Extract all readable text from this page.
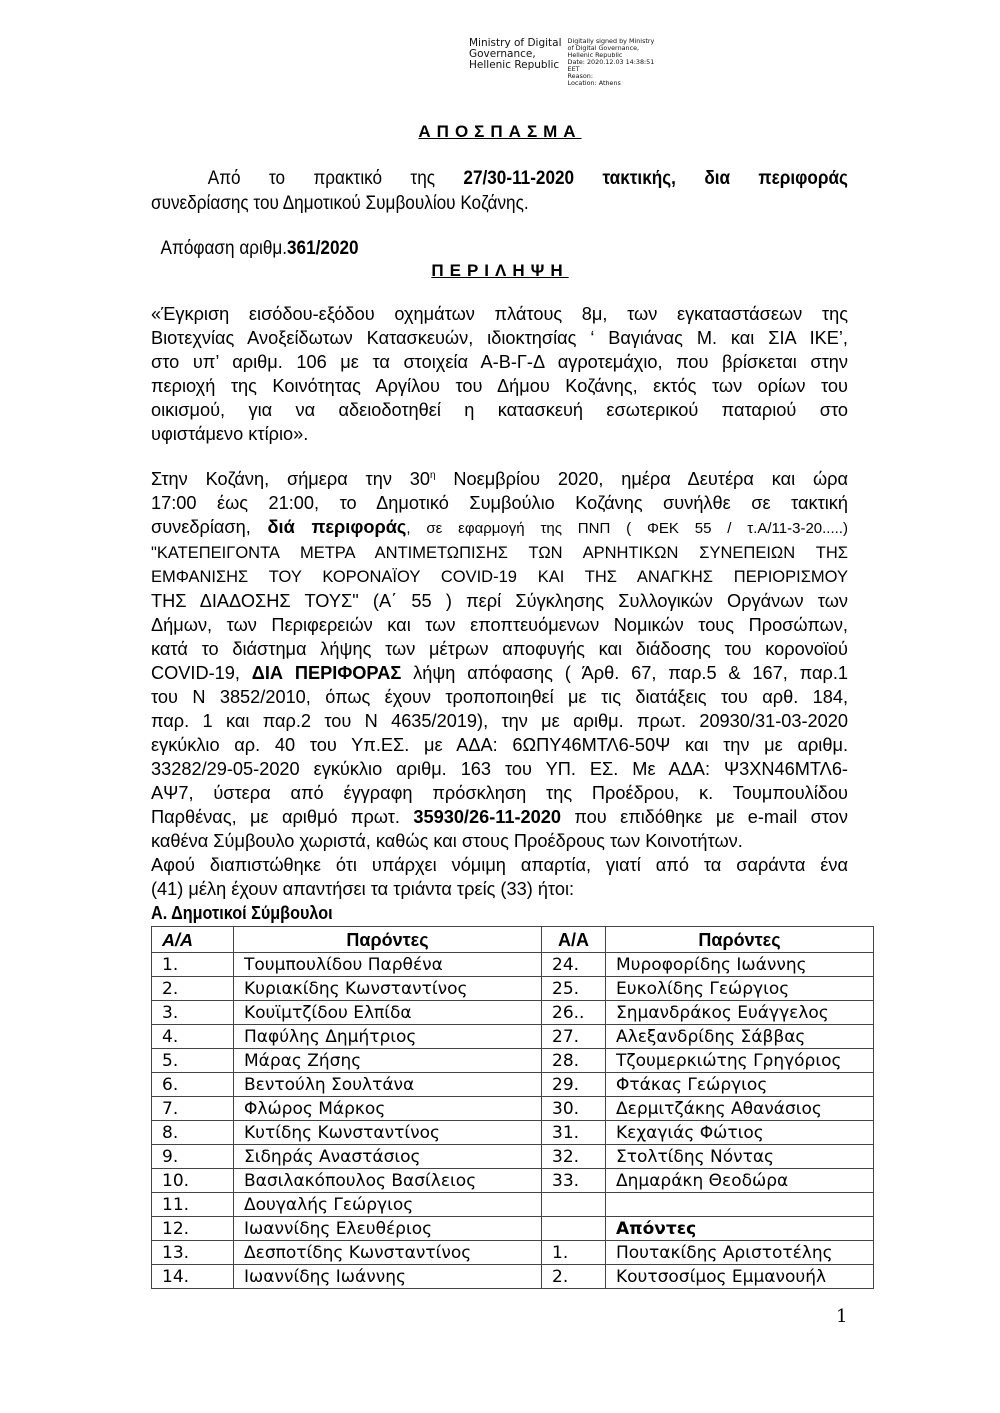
Ministry of Digital
Governance,
Hellenic Republic
Digitally signed by Ministry
of Digital Governance,
Hellenic Republic
Date: 2020.12.03 14:38:51
EET
Reason:
Location: Athens
ΑΠΟΣΠΑΣΜΑ
Από το πρακτικό της 27/30-11-2020 τακτικής, δια περιφοράς
συνεδρίασης του Δημοτικού Συμβουλίου Κοζάνης.
Απόφαση αριθμ.361/2020
ΠΕΡΙΛΗΨΗ
«Έγκριση εισόδου-εξόδου οχημάτων πλάτους 8μ, των εγκαταστάσεων της
Βιοτεχνίας Ανοξείδωτων Κατασκευών, ιδιοκτησίας ‘ Βαγιάνας Μ. και ΣΙΑ ΙΚΕ’,
στο υπ’ αριθμ. 106 με τα στοιχεία Α-Β-Γ-Δ αγροτεμάχιο, που βρίσκεται στην
περιοχή της Κοινότητας Αργίλου του Δήμου Κοζάνης, εκτός των ορίων του
οικισμού, για να αδειοδοτηθεί η κατασκευή εσωτερικού παταριού στο
υφιστάμενο κτίριο».
Στην Κοζάνη, σήμερα την $30^\eta$ Νοεμβρίου 2020, ημέρα Δευτέρα και ώρα
17:00 έως 21:00, το Δημοτικό Συμβούλιο Κοζάνης συνήλθε σε τακτική
συνεδρίαση, διά περιφοράς, σε εφαρμογή της ΠΝΠ ( ΦΕΚ 55 / τ.Α/11-3-20.....)
"ΚΑΤΕΠΕΙΓΟΝΤΑ ΜΕΤΡΑ ΑΝΤΙΜΕΤΩΠΙΣΗΣ ΤΩΝ ΑΡΝΗΤΙΚΩΝ ΣΥΝΕΠΕΙΩΝ ΤΗΣ
ΕΜΦΑΝΙΣΗΣ ΤΟΥ ΚΟΡΟΝΑΪΟΥ COVID-19 ΚΑΙ ΤΗΣ ΑΝΑΓΚΗΣ ΠΕΡΙΟΡΙΣΜΟΥ
ΤΗΣ ΔΙΑΔΟΣΗΣ ΤΟΥΣ" (Α΄ 55 ) περί Σύγκλησης Συλλογικών Οργάνων των
Δήμων, των Περιφερειών και των εποπτευόμενων Νομικών τους Προσώπων,
κατά το διάστημα λήψης των μέτρων αποφυγής και διάδοσης του κορονοϊού
COVID-19, ΔΙΑ ΠΕΡΙΦΟΡΑΣ λήψη απόφασης ( Άρθ. 67, παρ.5 & 167, παρ.1
του Ν 3852/2010, όπως έχουν τροποποιηθεί με τις διατάξεις του αρθ. 184,
παρ. 1 και παρ.2 του Ν 4635/2019), την με αριθμ. πρωτ. 20930/31-03-2020
εγκύκλιο αρ. 40 του Υπ.ΕΣ. με ΑΔΑ: 6ΩΠΥ46ΜΤΛ6-50Ψ και την με αριθμ.
33282/29-05-2020 εγκύκλιο αριθμ. 163 του ΥΠ. ΕΣ. Με ΑΔΑ: Ψ3ΧΝ46ΜΤΛ6-
ΑΨ7, ύστερα από έγγραφη πρόσκληση της Προέδρου, κ. Τουμπουλίδου
Παρθένας, με αριθμό πρωτ. 35930/26-11-2020 που επιδόθηκε με e-mail στον
καθένα Σύμβουλο χωριστά, καθώς και στους Προέδρους των Κοινοτήτων.
Αφού διαπιστώθηκε ότι υπάρχει νόμιμη απαρτία, γιατί από τα σαράντα ένα
(41) μέλη έχουν απαντήσει τα τριάντα τρείς (33) ήτοι:
Α. Δημοτικοί Σύμβουλοι
Α/Α	Παρόντες	Α/Α	Παρόντες
1.	Τουμπουλίδου Παρθένα	24.	Μυροφορίδης Ιωάννης
2.	Κυριακίδης Κωνσταντίνος	25.	Ευκολίδης Γεώργιος
3.	Κουϊμτζίδου Ελπίδα	26..	Σημανδράκος Ευάγγελος
4.	Παφύλης Δημήτριος	27.	Αλεξανδρίδης Σάββας
5.	Μάρας Ζήσης	28.	Τζουμερκιώτης Γρηγόριος
6.	Βεντούλη Σουλτάνα	29.	Φτάκας Γεώργιος
7.	Φλώρος Μάρκος	30.	Δερμιτζάκης Αθανάσιος
8.	Κυτίδης Κωνσταντίνος	31.	Κεχαγιάς Φώτιος
9.	Σιδηράς Αναστάσιος	32.	Στολτίδης Νόντας
10.	Βασιλακόπουλος Βασίλειος	33.	Δημαράκη Θεοδώρα
11.	Δουγαλής Γεώργιος		
12.	Ιωαννίδης Ελευθέριος		Απόντες
13.	Δεσποτίδης Κωνσταντίνος	1.	Πουτακίδης Αριστοτέλης
14.	Ιωαννίδης Ιωάννης	2.	Κουτσοσίμος Εμμανουήλ
1
